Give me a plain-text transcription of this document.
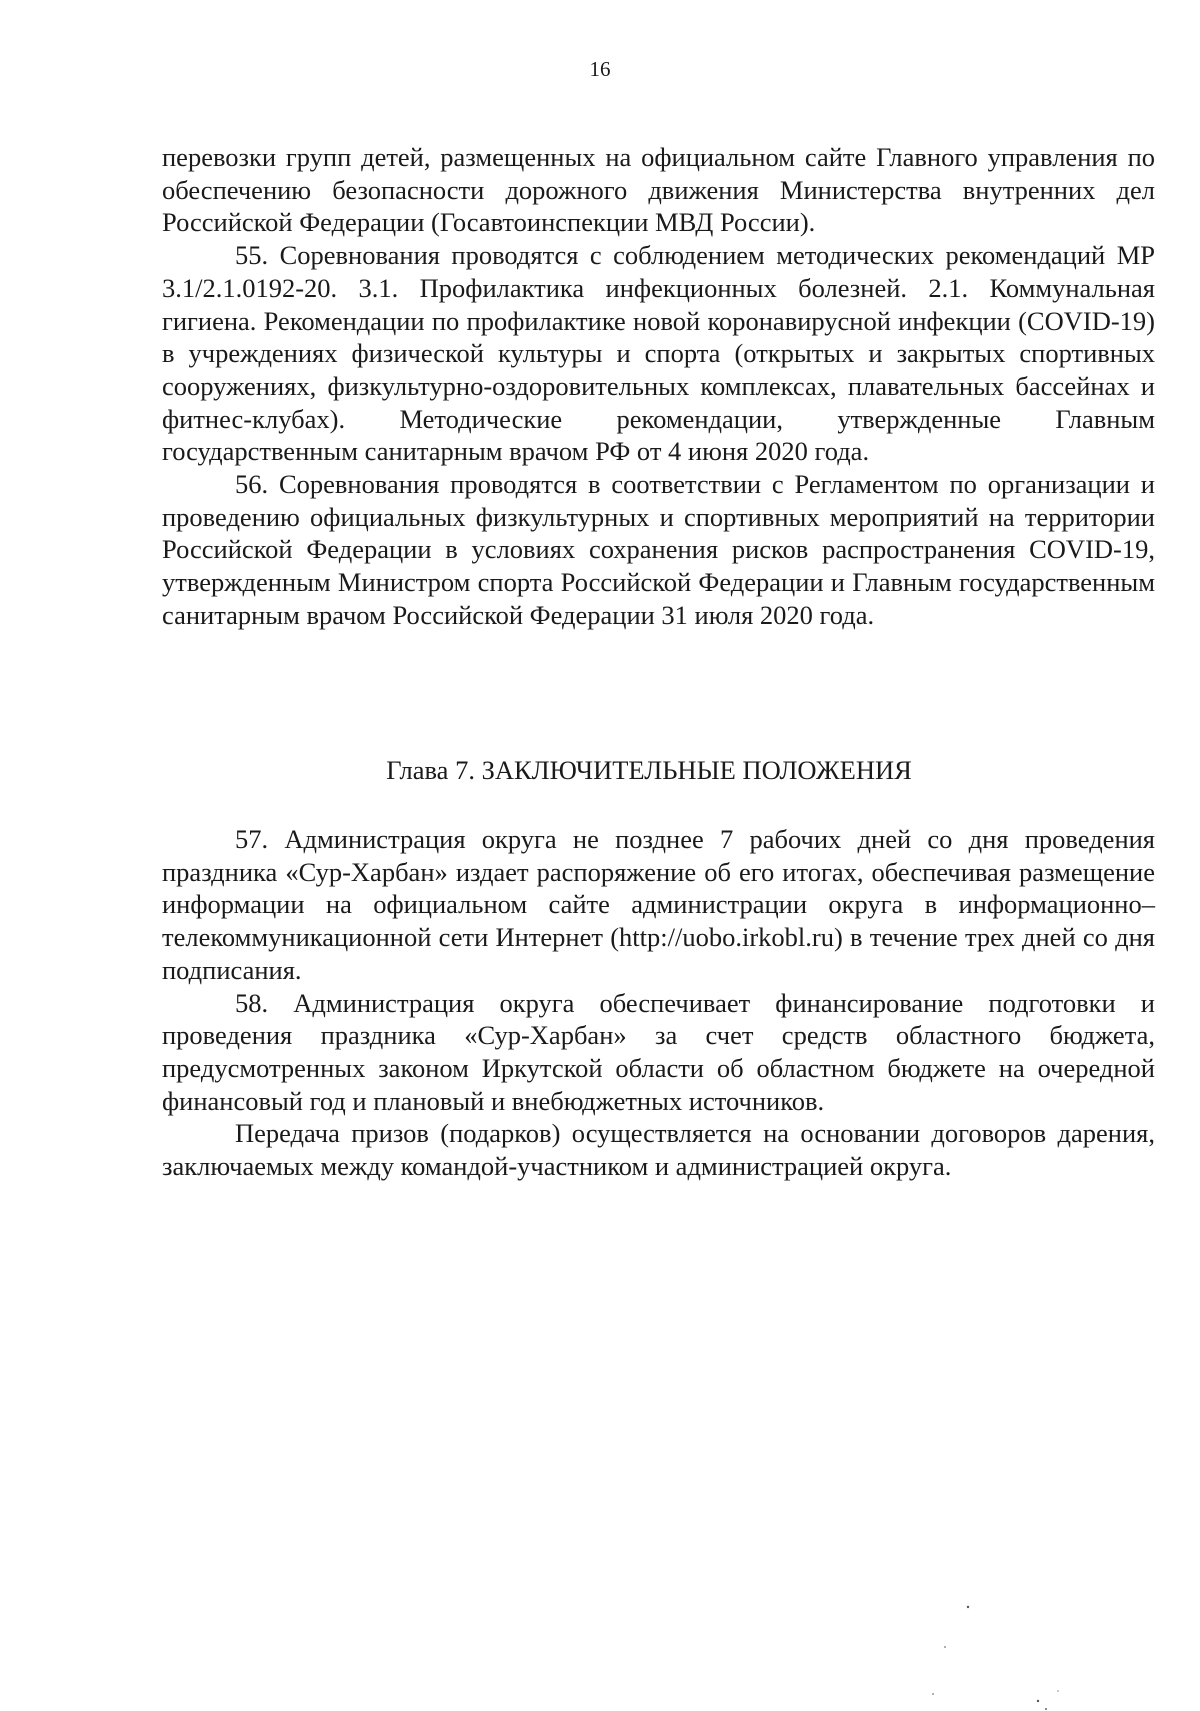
16

перевозки групп детей, размещенных на официальном сайте Главного управления по обеспечению безопасности дорожного движения Министерства внутренних дел Российской Федерации (Госавтоинспекции МВД России).

55. Соревнования проводятся с соблюдением методических рекомендаций МР 3.1/2.1.0192-20. 3.1. Профилактика инфекционных болезней. 2.1. Коммунальная гигиена. Рекомендации по профилактике новой коронавирусной инфекции (COVID-19) в учреждениях физической культуры и спорта (открытых и закрытых спортивных сооружениях, физкультурно-оздоровительных комплексах, плавательных бассейнах и фитнес-клубах). Методические рекомендации, утвержденные Главным государственным санитарным врачом РФ от 4 июня 2020 года.

56. Соревнования проводятся в соответствии с Регламентом по организации и проведению официальных физкультурных и спортивных мероприятий на территории Российской Федерации в условиях сохранения рисков распространения COVID-19, утвержденным Министром спорта Российской Федерации и Главным государственным санитарным врачом Российской Федерации 31 июля 2020 года.

Глава 7. ЗАКЛЮЧИТЕЛЬНЫЕ ПОЛОЖЕНИЯ

57. Администрация округа не позднее 7 рабочих дней со дня проведения праздника «Сур-Харбан» издает распоряжение об его итогах, обеспечивая размещение информации на официальном сайте администрации округа в информационно–телекоммуникационной сети Интернет (http://uobo.irkobl.ru) в течение трех дней со дня подписания.

58. Администрация округа обеспечивает финансирование подготовки и проведения праздника «Сур-Харбан» за счет средств областного бюджета, предусмотренных законом Иркутской области об областном бюджете на очередной финансовый год и плановый и внебюджетных источников.

Передача призов (подарков) осуществляется на основании договоров дарения, заключаемых между командой-участником и администрацией округа.
